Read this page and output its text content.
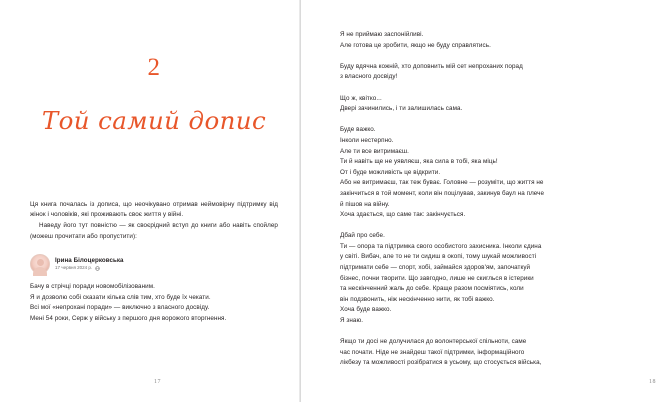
2
Той самий допис

Ця книга почалась із допиca, що неочікувано отримав неймовірну підтримку від жінок і чоловіків, які проживають своє життя у війні.

Наведу його тут повністю — як своєрідний вступ до книги або навіть спойлер (можеш прочитати або пропустити):

Ірина Білоцерковська
17 червня 2024 р.

Бачу в стрічці поради новомобілізованим.

Я и дозволю собі сказати кілька слів тим, хто буде їх чекати.

Всі мої «непрохані поради» — виключно з власного досвіду.

Мені 54 роки, Серж у війську з першого дня ворожого вторгнення.

17

Я не приймаю заспонійливі.

Але готова це зробити, якщо не буду справлятись.

Буду вдячна кожній, хто доповнить мій сет непроханих порад

з власного досвіду!

Що ж, квітко...

Двері зачинились, і ти залишилась сама.

Буде важко.

Інколи нестерпно.

Але ти все витримаєш.

Ти й навіть ще не уявляєш, яка сила в тобі, яка міць!

От і буде можливість це відкрити.

Або не витримаєш, так теж буває. Головне — розуміти, що життя не

закінчиться в той момент, коли він поцілував, закинув баул на плече

й пішов на війну.

Хоча здається, що саме так: закінчується.

Дбай про себе.

Ти — опора та підтримка свого особистого захисника. Інколи єдина

у світі. Вибач, але то не ти сидиш в окопі, тому шукай можливості

підтримати себе — спорт, хобі, займайся здоров'ям, започаткуй

бізнес, почни творити. Що завгодно, лише не скиглься в істерики

та нескінченний жаль до себе. Краще разом посмiятись, коли

він подзвонить, ніж нескінченно нити, як тобі важко.

Хоча буде важко.

Я знаю.

Якщо ти досі не долучилася до волонтерської спільноти, саме

час почати. Ніде не знайдеш такої підтримки, інформаційного

лікбезу та можливості розібратися в усьому, що стосується війська,

18
